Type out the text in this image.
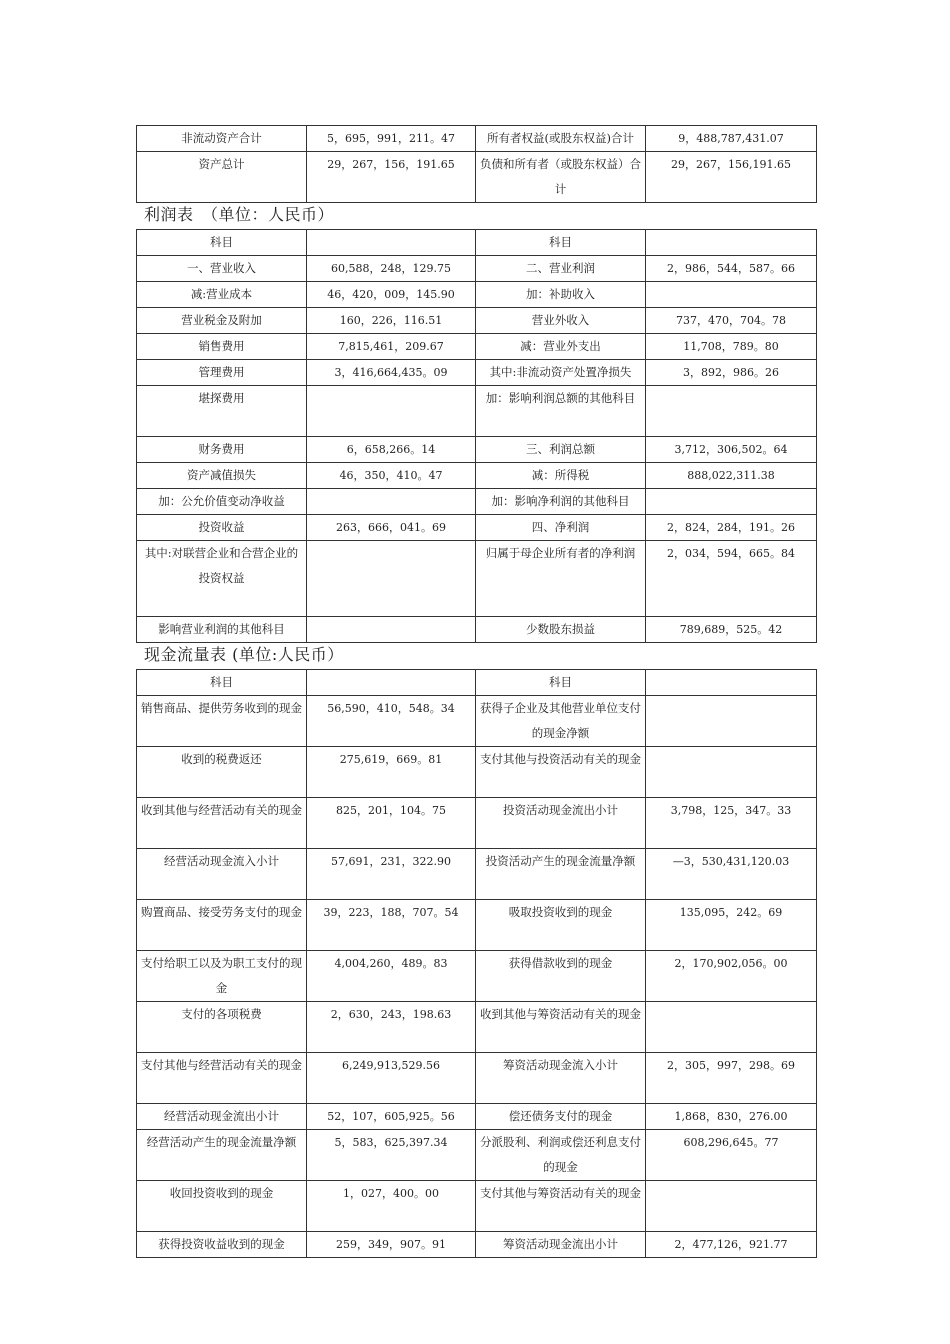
非流动资产合计	5，695，991，211。47	所有者权益(或股东权益)合计	9，488,787,431.07
资产总计	29，267，156，191.65	负债和所有者（或股东权益）合计	29，267，156,191.65
利润表　（单位：人民币）
科目		科目	
一、营业收入	60,588，248，129.75	二、营业利润	2，986，544，587。66
减:营业成本	46，420，009，145.90	加：补助收入	
营业税金及附加	160，226，116.51	营业外收入	737，470，704。78
销售费用	7,815,461，209.67	减：营业外支出	11,708，789。80
管理费用	3，416,664,435。09	其中:非流动资产处置净损失	3，892，986。26
堪探费用		加：影响利润总额的其他科目	
财务费用	6，658,266。14	三、利润总额	3,712，306,502。64
资产减值损失	46，350，410。47	减：所得税	888,022,311.38
加：公允价值变动净收益		加：影响净利润的其他科目	
投资收益	263，666，041。69	四、净利润	2，824，284，191。26
其中:对联营企业和合营企业的投资权益		归属于母企业所有者的净利润	2，034，594，665。84
影响营业利润的其他科目		少数股东损益	789,689，525。42
现金流量表 (单位:人民币）
科目		科目	
销售商品、提供劳务收到的现金	56,590，410，548。34	获得子企业及其他营业单位支付的现金净额	
收到的税费返还	275,619，669。81	支付其他与投资活动有关的现金	
收到其他与经营活动有关的现金	825，201，104。75	投资活动现金流出小计	3,798，125，347。33
经营活动现金流入小计	57,691，231，322.90	投资活动产生的现金流量净额	—3，530,431,120.03
购置商品、接受劳务支付的现金	39，223，188，707。54	吸取投资收到的现金	135,095，242。69
支付给职工以及为职工支付的现金	4,004,260，489。83	获得借款收到的现金	2，170,902,056。00
支付的各项税费	2，630，243，198.63	收到其他与筹资活动有关的现金	
支付其他与经营活动有关的现金	6,249,913,529.56	筹资活动现金流入小计	2，305，997，298。69
经营活动现金流出小计	52，107，605,925。56	偿还债务支付的现金	1,868，830，276.00
经营活动产生的现金流量净额	5，583，625,397.34	分派股利、利润或偿还利息支付的现金	608,296,645。77
收回投资收到的现金	1，027，400。00	支付其他与筹资活动有关的现金	
获得投资收益收到的现金	259，349，907。91	筹资活动现金流出小计	2，477,126，921.77
